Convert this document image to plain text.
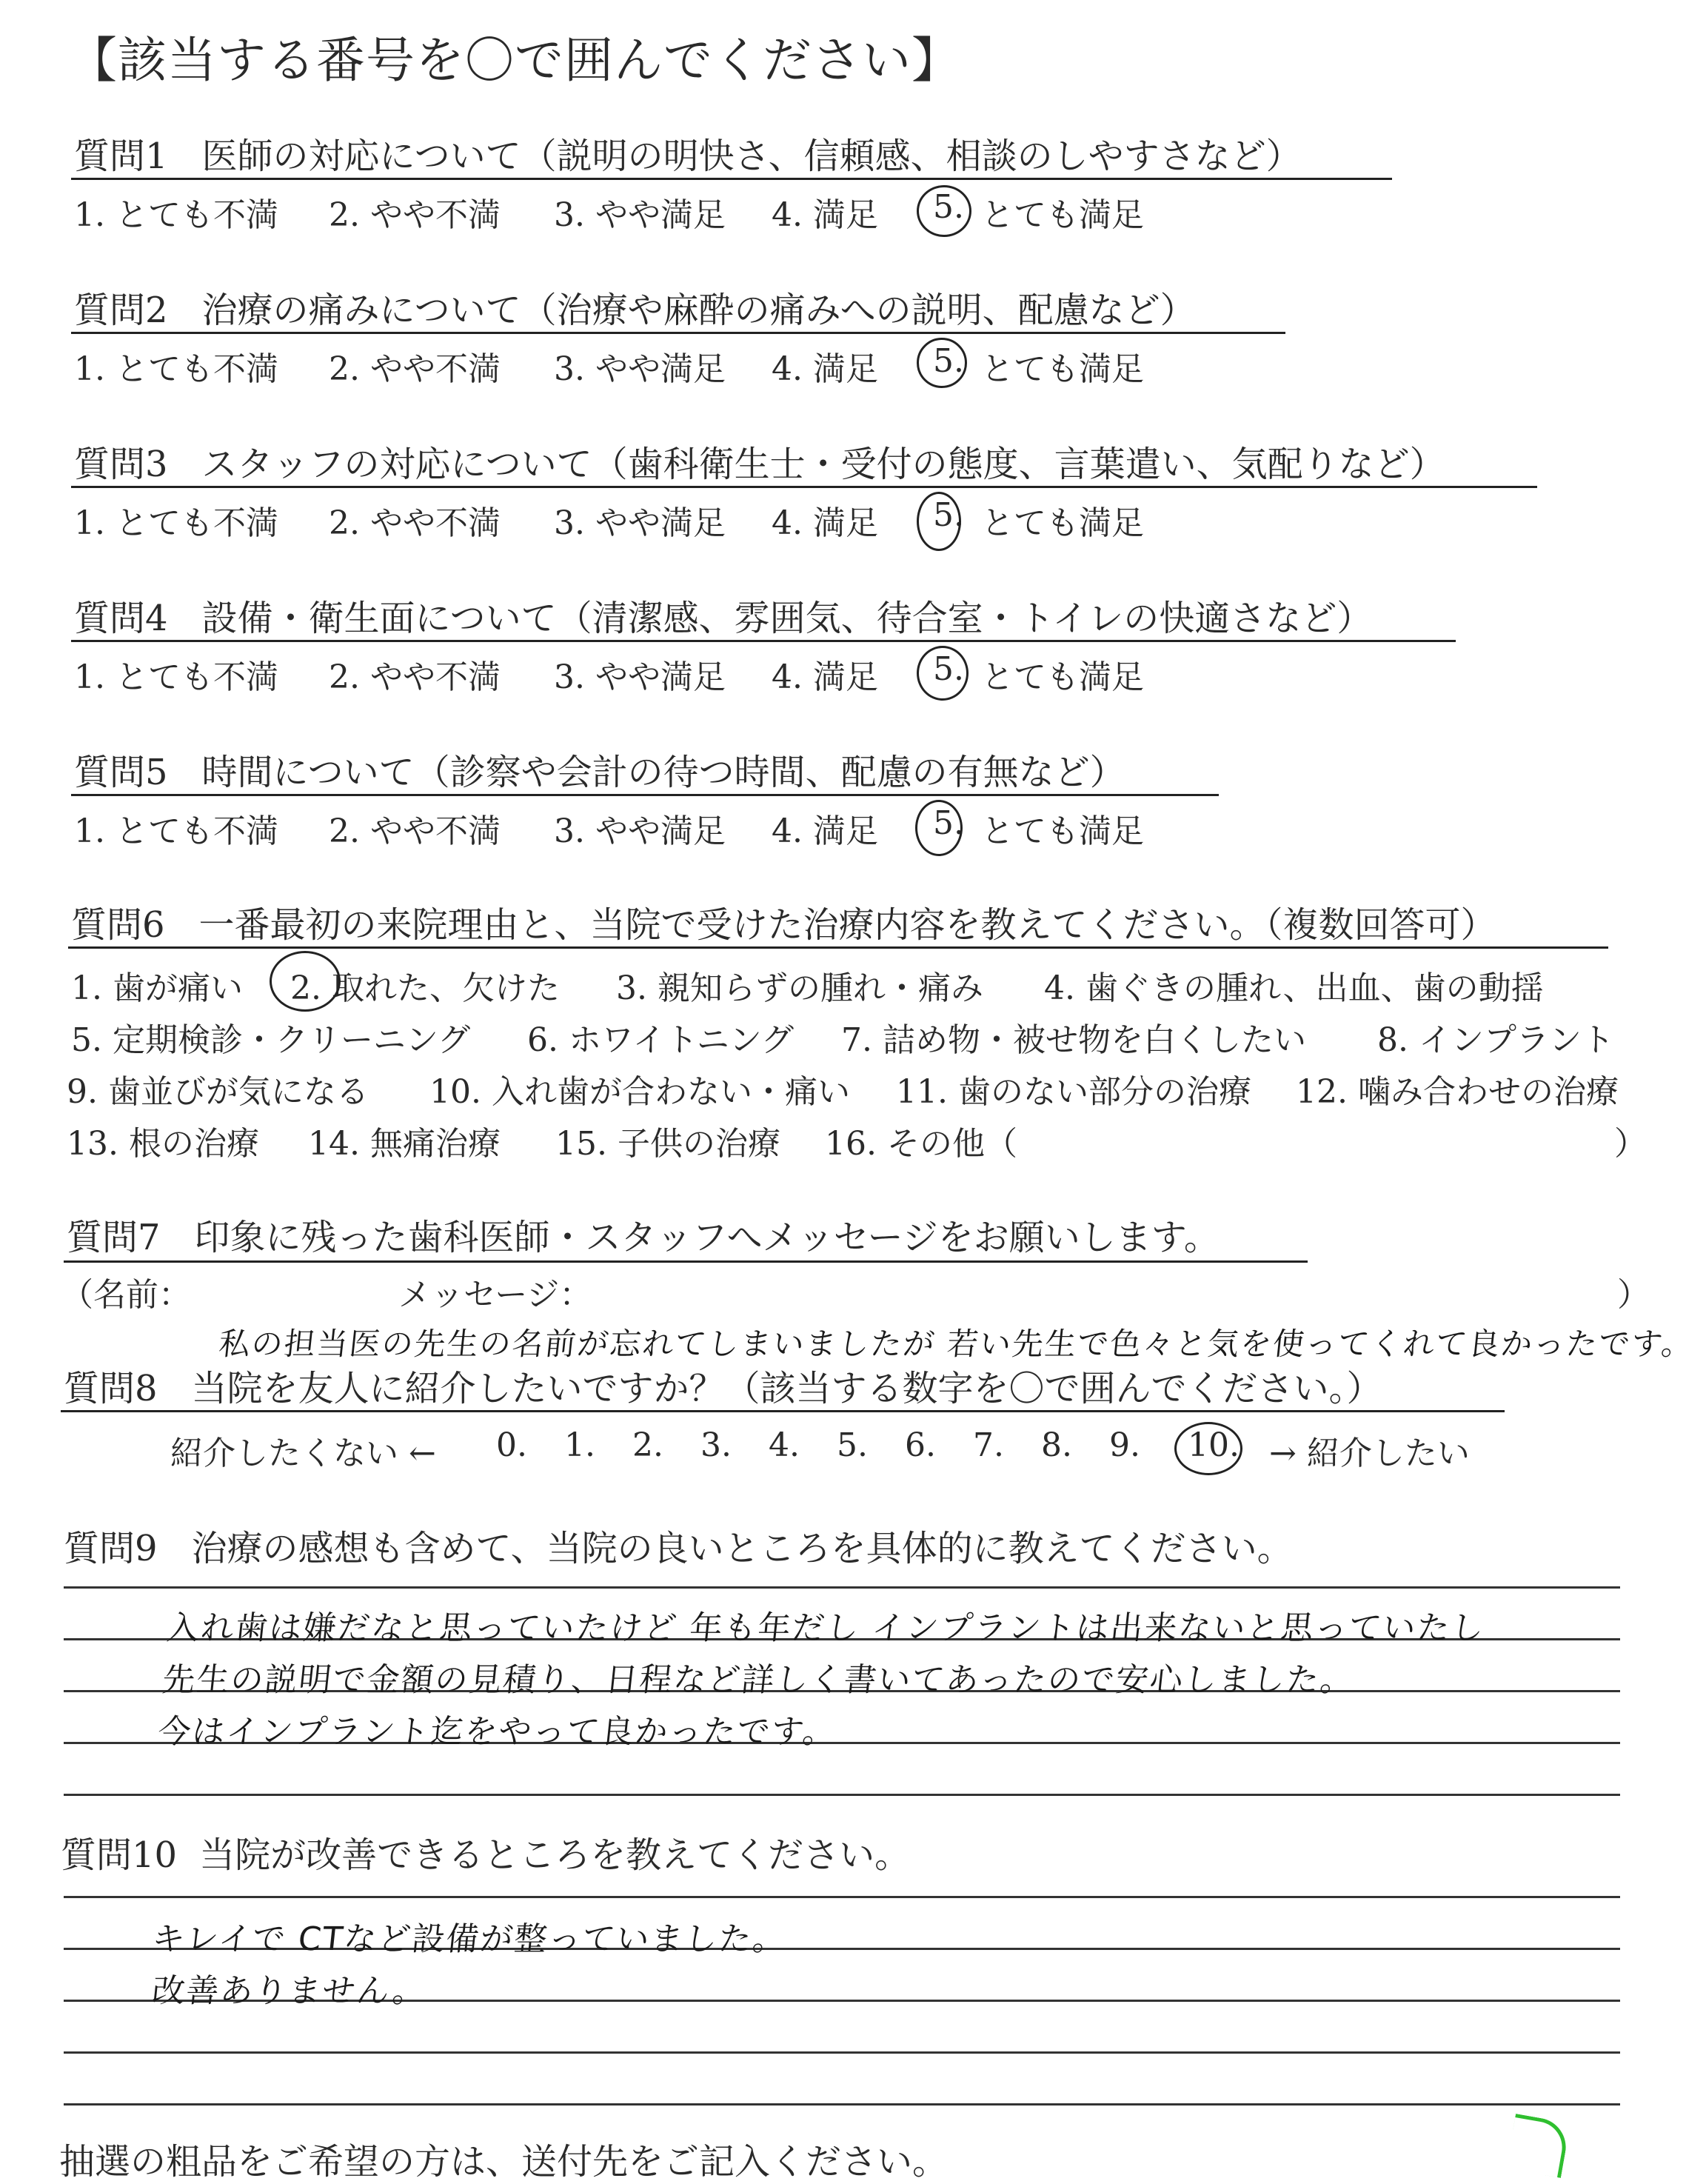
【該当する番号を〇で囲んでください】
質問1 医師の対応について（説明の明快さ、信頼感、相談のしやすさなど）
1. とても不満 2. やや不満 3. やや満足 4. 満足 5. とても満足
質問2 治療の痛みについて（治療や麻酔の痛みへの説明、配慮など）
1. とても不満 2. やや不満 3. やや満足 4. 満足 5. とても満足
質問3 スタッフの対応について（歯科衛生士・受付の態度、言葉遣い、気配りなど）
1. とても不満 2. やや不満 3. やや満足 4. 満足 5. とても満足
質問4 設備・衛生面について（清潔感、雰囲気、待合室・トイレの快適さなど）
1. とても不満 2. やや不満 3. やや満足 4. 満足 5. とても満足
質問5 時間について（診察や会計の待つ時間、配慮の有無など）
1. とても不満 2. やや不満 3. やや満足 4. 満足 5. とても満足
質問6 一番最初の来院理由と、当院で受けた治療内容を教えてください。（複数回答可）
1. 歯が痛い 2. 取れた、欠けた 3. 親知らずの腫れ・痛み 4. 歯ぐきの腫れ、出血、歯の動揺
5. 定期検診・クリーニング 6. ホワイトニング 7. 詰め物・被せ物を白くしたい 8. インプラント
9. 歯並びが気になる 10. 入れ歯が合わない・痛い 11. 歯のない部分の治療 12. 噛み合わせの治療
13. 根の治療 14. 無痛治療 15. 子供の治療 16. その他（	）
質問7 印象に残った歯科医師・スタッフへメッセージをお願いします。
（名前：	メッセージ：	）
私の担当医の先生の名前が忘れてしまいましたが 若い先生で色々と気を使ってくれて良かったです。
質問8 当院を友人に紹介したいですか？（該当する数字を〇で囲んでください。）
紹介したくない ← 0. 1. 2. 3. 4. 5. 6. 7. 8. 9. 10. → 紹介したい
質問9 治療の感想も含めて、当院の良いところを具体的に教えてください。
入れ歯は嫌だなと思っていたけど 年も年だし インプラントは出来ないと思っていたし
先生の説明で金額の見積り、日程など詳しく書いてあったので安心しました。
今はインプラント迄をやって良かったです。
質問10 当院が改善できるところを教えてください。
キレイで CTなど設備が整っていました。
改善ありません。
抽選の粗品をご希望の方は、送付先をご記入ください。
